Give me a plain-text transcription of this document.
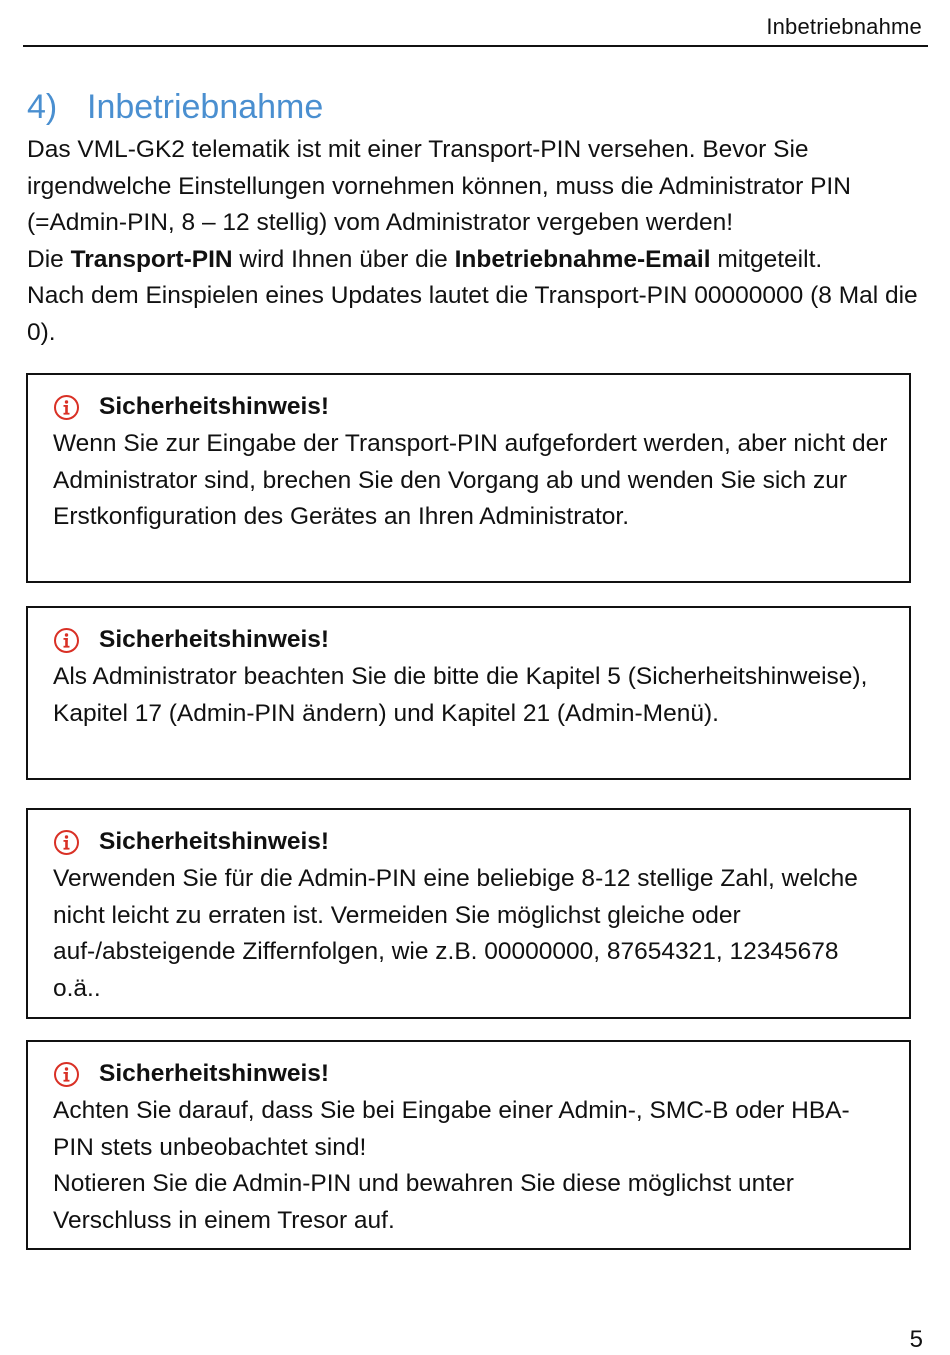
Inbetriebnahme
4) Inbetriebnahme

Das VML-GK2 telematik ist mit einer Transport-PIN versehen. Bevor Sie irgendwelche Einstellungen vornehmen können, muss die Administrator PIN (=Admin-PIN, 8 – 12 stellig) vom Administrator vergeben werden!

Die Transport-PIN wird Ihnen über die Inbetriebnahme-Email mitgeteilt.

Nach dem Einspielen eines Updates lautet die Transport-PIN 00000000 (8 Mal die 0).

Sicherheitshinweis!

Wenn Sie zur Eingabe der Transport-PIN aufgefordert werden, aber nicht der Administrator sind, brechen Sie den Vorgang ab und wenden Sie sich zur Erstkonfiguration des Gerätes an Ihren Administrator.

Sicherheitshinweis!

Als Administrator beachten Sie die bitte die Kapitel 5 (Sicherheitshinweise), Kapitel 17 (Admin-PIN ändern) und Kapitel 21 (Admin-Menü).

Sicherheitshinweis!

Verwenden Sie für die Admin-PIN eine beliebige 8-12 stellige Zahl, welche nicht leicht zu erraten ist. Vermeiden Sie möglichst gleiche oder auf-/absteigende Ziffernfolgen, wie z.B. 00000000, 87654321, 12345678 o.ä..

Sicherheitshinweis!

Achten Sie darauf, dass Sie bei Eingabe einer Admin-, SMC-B oder HBA-PIN stets unbeobachtet sind!

Notieren Sie die Admin-PIN und bewahren Sie diese möglichst unter Verschluss in einem Tresor auf.

5
